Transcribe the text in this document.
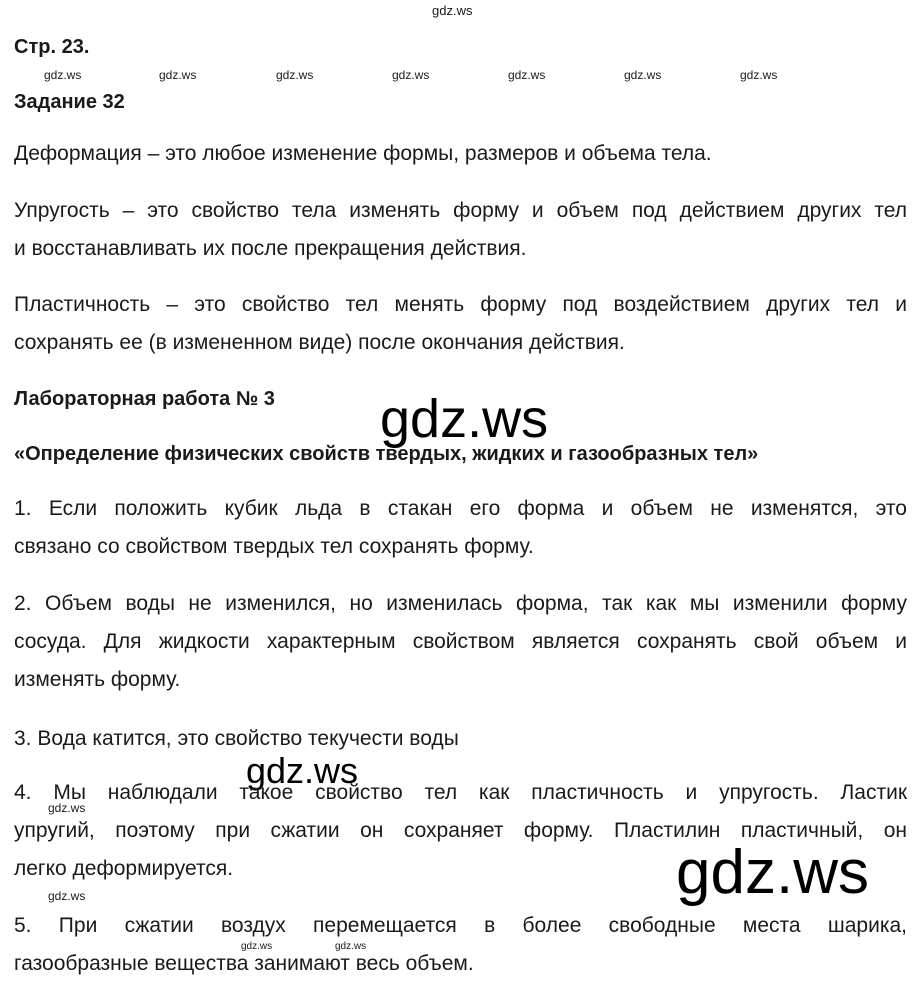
gdz.ws
Стр. 23.
gdz.ws	gdz.ws	gdz.ws	gdz.ws	gdz.ws	gdz.ws	gdz.ws
Задание 32
Деформация – это любое изменение формы, размеров и объема тела.
Упругость – это свойство тела изменять форму и объем под действием других тел
и восстанавливать их после прекращения действия.
Пластичность – это свойство тел менять форму под воздействием других тел и
сохранять ее (в измененном виде) после окончания действия.
Лабораторная работа № 3 gdz.ws
«Определение физических свойств твердых, жидких и газообразных тел»
1. Если положить кубик льда в стакан его форма и объем не изменятся, это
связано со свойством твердых тел сохранять форму.
2. Объем воды не изменился, но изменилась форма, так как мы изменили форму
сосуда. Для жидкости характерным свойством является сохранять свой объем и
изменять форму.
3. Вода катится, это свойство текучести воды
gdz.ws
4. Мы наблюдали такое свойство тел как пластичность и упругость. Ластик
упругий, поэтому при сжатии он сохраняет форму. Пластилин пластичный, он
легко деформируется.
gdz.ws
gdz.ws
gdz.ws
5. При сжатии воздух перемещается в более свободные места шарика,
газообразные вещества занимают весь объем.
gdz.ws	gdz.ws
